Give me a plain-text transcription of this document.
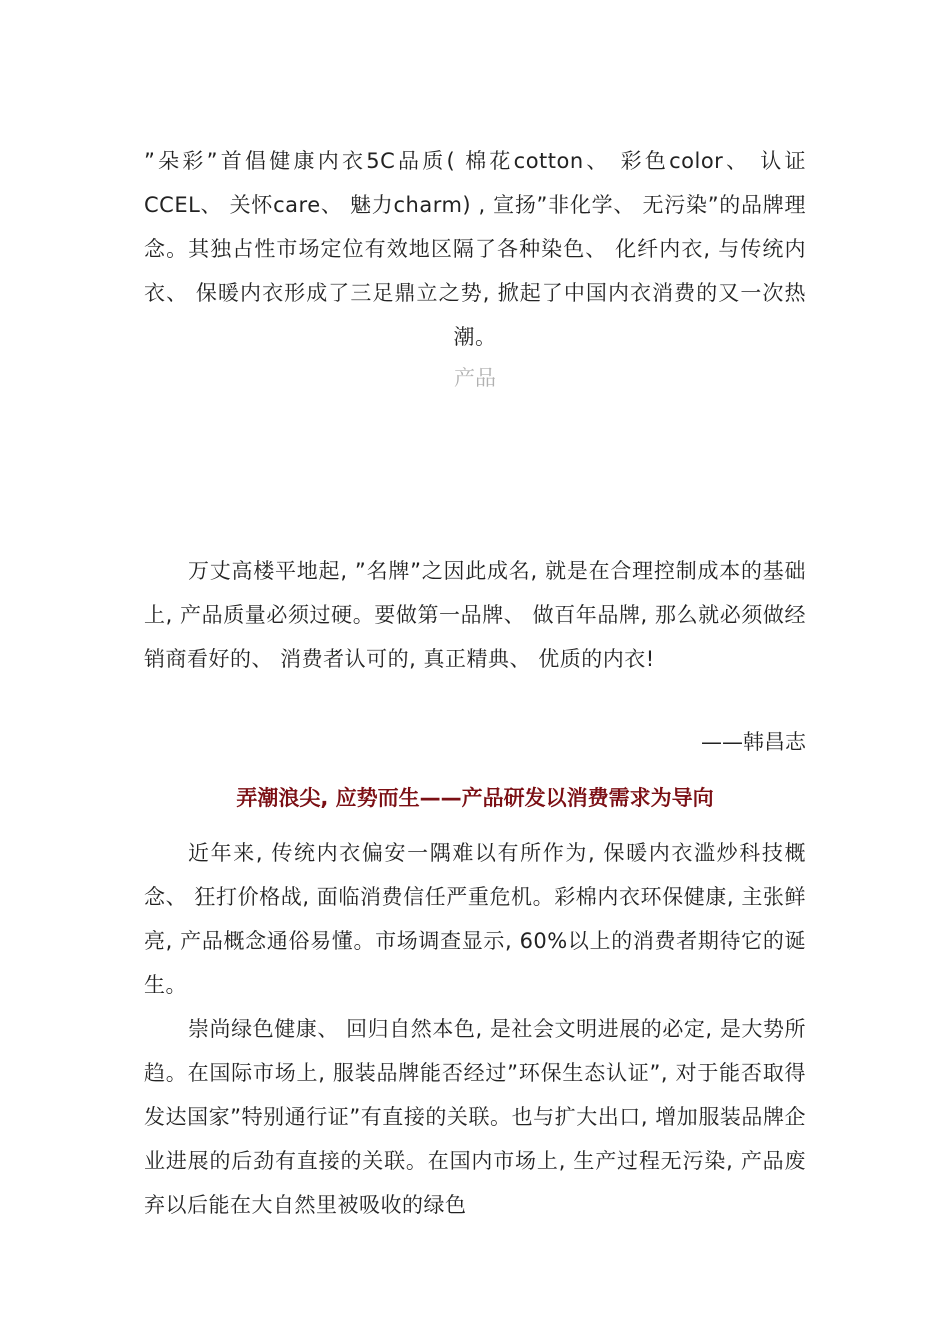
”朵彩”首倡健康内衣5C品质( 棉花cotton、 彩色color、 认证CCEL、 关怀care、 魅力charm) , 宣扬”非化学、 无污染”的品牌理念。其独占性市场定位有效地区隔了各种染色、 化纤内衣, 与传统内衣、 保暖内衣形成了三足鼎立之势, 掀起了中国内衣消费的又一次热潮。
产品
万丈高楼平地起, ”名牌”之因此成名, 就是在合理控制成本的基础上, 产品质量必须过硬。要做第一品牌、 做百年品牌, 那么就必须做经销商看好的、 消费者认可的, 真正精典、 优质的内衣!
——韩昌志
弄潮浪尖, 应势而生——产品研发以消费需求为导向

近年来, 传统内衣偏安一隅难以有所作为, 保暖内衣滥炒科技概念、 狂打价格战, 面临消费信任严重危机。彩棉内衣环保健康, 主张鲜亮, 产品概念通俗易懂。市场调查显示, 60%以上的消费者期待它的诞生。

崇尚绿色健康、 回归自然本色, 是社会文明进展的必定, 是大势所趋。在国际市场上, 服装品牌能否经过”环保生态认证”, 对于能否取得发达国家”特别通行证”有直接的关联。也与扩大出口, 增加服装品牌企业进展的后劲有直接的关联。在国内市场上, 生产过程无污染, 产品废弃以后能在大自然里被吸收的绿色
